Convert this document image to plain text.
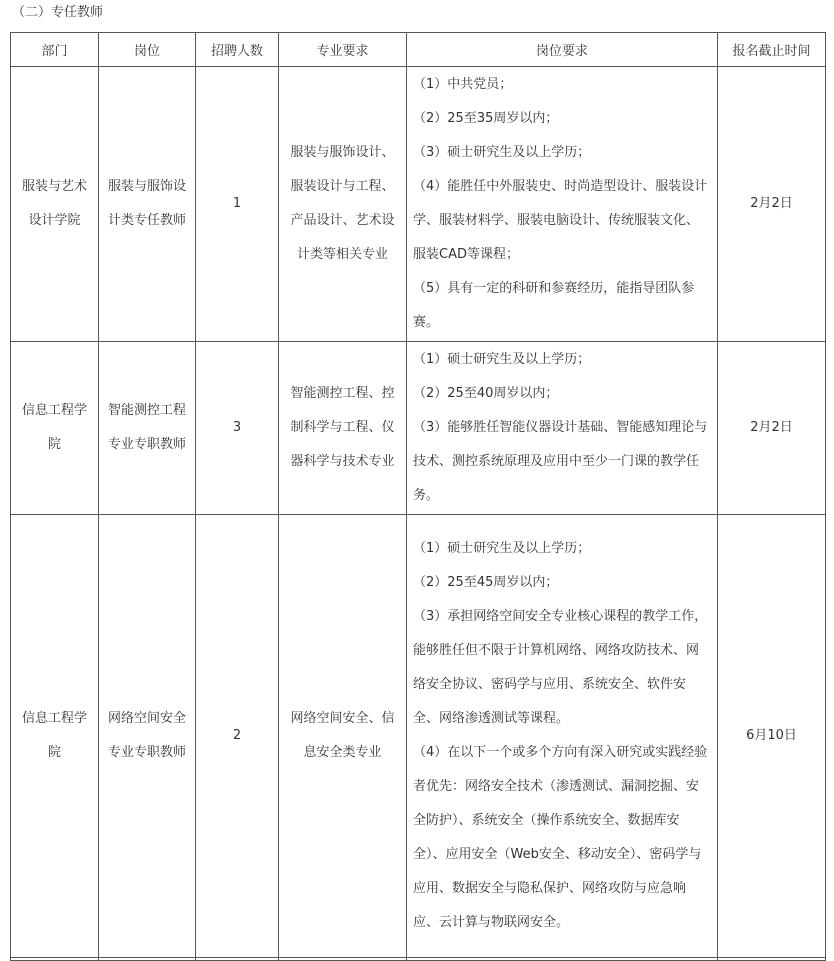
（二）专任教师
部门	岗位	招聘人数	专业要求	岗位要求	报名截止时间
服装与艺术设计学院	服装与服饰设计类专任教师	1	服装与服饰设计、服装设计与工程、产品设计、艺术设计类等相关专业	（1）中共党员；
（2）25至35周岁以内；
（3）硕士研究生及以上学历；
（4）能胜任中外服装史、时尚造型设计、服装设计学、服装材料学、服装电脑设计、传统服装文化、服装CAD等课程；
（5）具有一定的科研和参赛经历，能指导团队参赛。	2月2日
信息工程学院	智能测控工程专业专职教师	3	智能测控工程、控制科学与工程、仪器科学与技术专业	（1）硕士研究生及以上学历；
（2）25至40周岁以内；
（3）能够胜任智能仪器设计基础、智能感知理论与技术、测控系统原理及应用中至少一门课的教学任务。	2月2日
信息工程学院	网络空间安全专业专职教师	2	网络空间安全、信息安全类专业	（1）硕士研究生及以上学历；
（2）25至45周岁以内；
（3）承担网络空间安全专业核心课程的教学工作，能够胜任但不限于计算机网络、网络攻防技术、网络安全协议、密码学与应用、系统安全、软件安全、网络渗透测试等课程。
（4）在以下一个或多个方向有深入研究或实践经验者优先：网络安全技术（渗透测试、漏洞挖掘、安全防护）、系统安全（操作系统安全、数据库安全）、应用安全（Web安全、移动安全）、密码学与应用、数据安全与隐私保护、网络攻防与应急响应、云计算与物联网安全。	6月10日
